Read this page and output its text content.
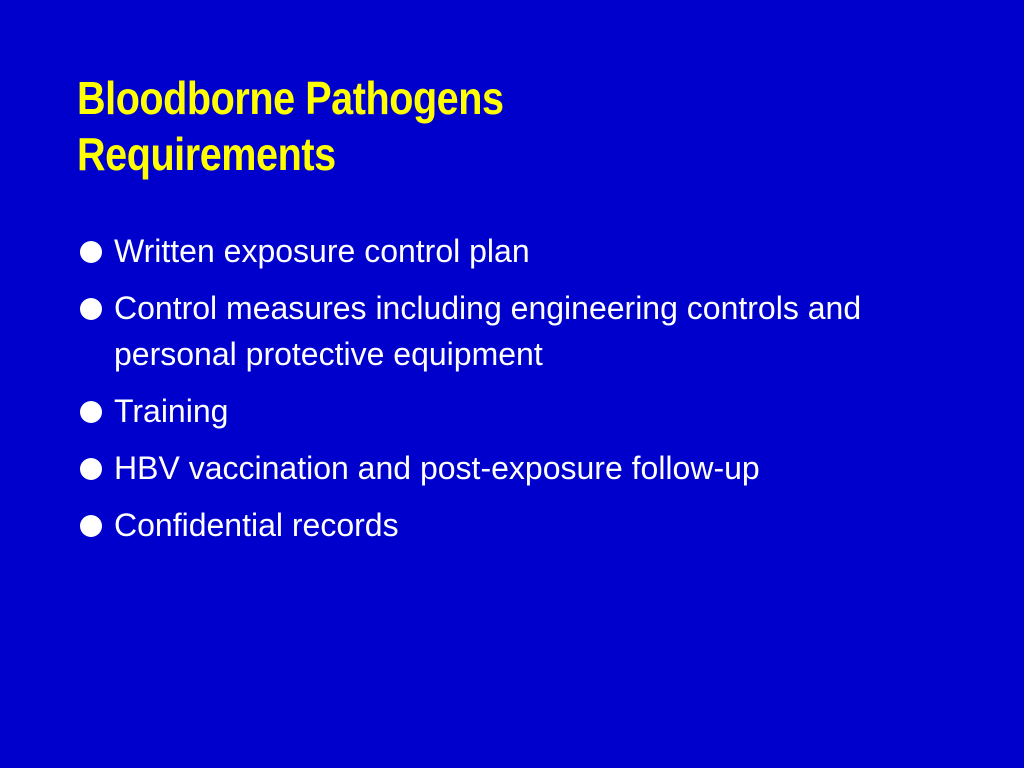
Bloodborne Pathogens
Requirements
Written exposure control plan
Control measures including engineering controls and personal protective equipment
Training
HBV vaccination and post-exposure follow-up
Confidential records
